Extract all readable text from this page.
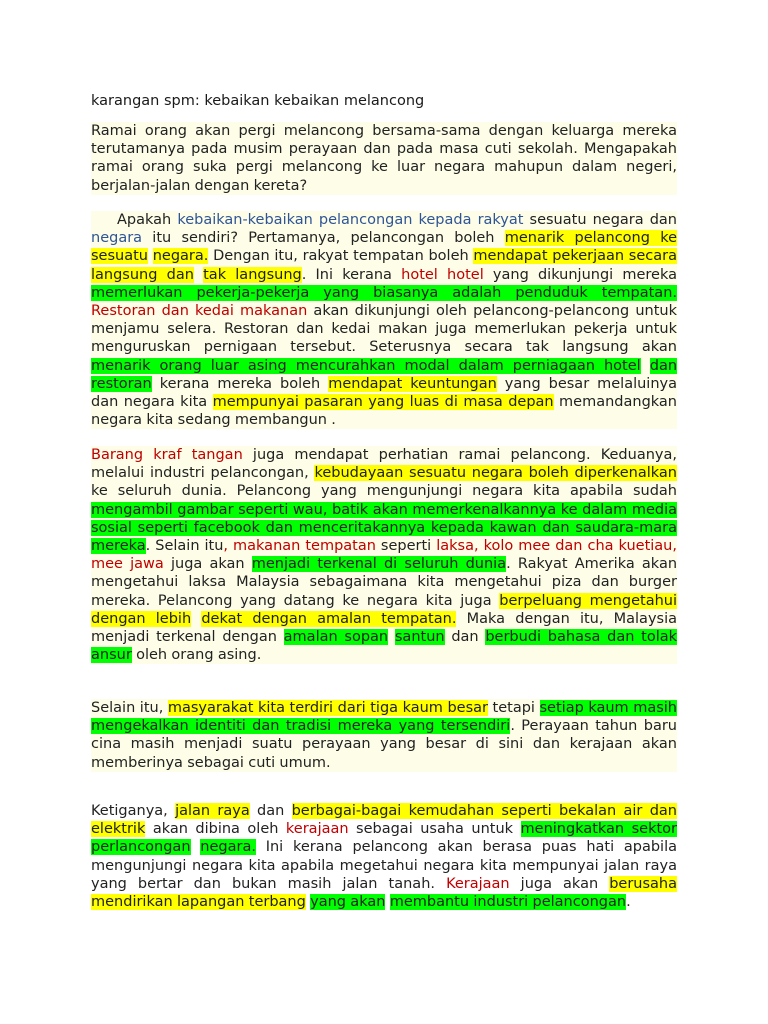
karangan spm: kebaikan kebaikan melancong
Ramai orang akan pergi melancong bersama-sama dengan keluarga mereka terutamanya pada musim perayaan dan pada masa cuti sekolah. Mengapakah ramai orang suka pergi melancong ke luar negara mahupun dalam negeri, berjalan-jalan dengan kereta?
Apakah kebaikan-kebaikan pelancongan kepada rakyat sesuatu negara dan negara itu sendiri? Pertamanya, pelancongan boleh menarik pelancong ke sesuatu negara. Dengan itu, rakyat tempatan boleh mendapat pekerjaan secara langsung dan tak langsung. Ini kerana hotel hotel yang dikunjungi mereka memerlukan pekerja-pekerja yang biasanya adalah penduduk tempatan. Restoran dan kedai makanan akan dikunjungi oleh pelancong-pelancong untuk menjamu selera. Restoran dan kedai makan juga memerlukan pekerja untuk menguruskan pernigaan tersebut. Seterusnya secara tak langsung akan menarik orang luar asing mencurahkan modal dalam perniagaan hotel dan restoran kerana mereka boleh mendapat keuntungan yang besar melaluinya dan negara kita mempunyai pasaran yang luas di masa depan memandangkan negara kita sedang membangun .
Barang kraf tangan juga mendapat perhatian ramai pelancong. Keduanya, melalui industri pelancongan, kebudayaan sesuatu negara boleh diperkenalkan ke seluruh dunia. Pelancong yang mengunjungi negara kita apabila sudah mengambil gambar seperti wau, batik akan memerkenalkannya ke dalam media sosial seperti facebook dan menceritakannya kepada kawan dan saudara-mara mereka. Selain itu, makanan tempatan seperti laksa, kolo mee dan cha kuetiau, mee jawa juga akan menjadi terkenal di seluruh dunia. Rakyat Amerika akan mengetahui laksa Malaysia sebagaimana kita mengetahui piza dan burger mereka. Pelancong yang datang ke negara kita juga berpeluang mengetahui dengan lebih dekat dengan amalan tempatan. Maka dengan itu, Malaysia menjadi terkenal dengan amalan sopan santun dan berbudi bahasa dan tolak ansur oleh orang asing.
Selain itu, masyarakat kita terdiri dari tiga kaum besar tetapi setiap kaum masih mengekalkan identiti dan tradisi mereka yang tersendiri. Perayaan tahun baru cina masih menjadi suatu perayaan yang besar di sini dan kerajaan akan memberinya sebagai cuti umum.
Ketiganya, jalan raya dan berbagai-bagai kemudahan seperti bekalan air dan elektrik akan dibina oleh kerajaan sebagai usaha untuk meningkatkan sektor perlancongan negara. Ini kerana pelancong akan berasa puas hati apabila mengunjungi negara kita apabila megetahui negara kita mempunyai jalan raya yang bertar dan bukan masih jalan tanah. Kerajaan juga akan berusaha mendirikan lapangan terbang yang akan membantu industri pelancongan.
